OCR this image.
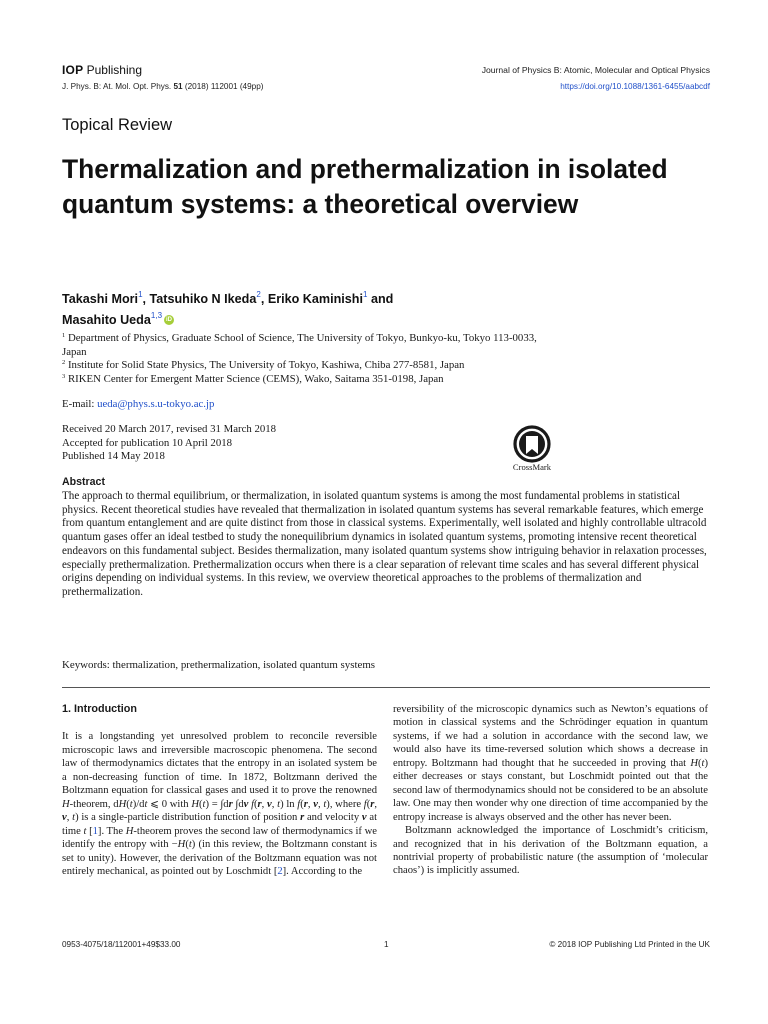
IOP Publishing	Journal of Physics B: Atomic, Molecular and Optical Physics
J. Phys. B: At. Mol. Opt. Phys. 51 (2018) 112001 (49pp)	https://doi.org/10.1088/1361-6455/aabcdf
Topical Review
Thermalization and prethermalization in isolated quantum systems: a theoretical overview
Takashi Mori$^1$, Tatsuhiko N Ikeda$^2$, Eriko Kaminishi$^1$ and
Masahito Ueda$^{1,3}$
iD

$^1$ Department of Physics, Graduate School of Science, The University of Tokyo, Bunkyo-ku, Tokyo 113-0033, Japan

$^2$ Institute for Solid State Physics, The University of Tokyo, Kashiwa, Chiba 277-8581, Japan

$^3$ RIKEN Center for Emergent Matter Science (CEMS), Wako, Saitama 351-0198, Japan

E-mail: ueda@phys.s.u-tokyo.ac.jp
Received 20 March 2017, revised 31 March 2018
Accepted for publication 10 April 2018
Published 14 May 2018
CrossMark
Abstract

The approach to thermal equilibrium, or thermalization, in isolated quantum systems is among the most fundamental problems in statistical physics. Recent theoretical studies have revealed that thermalization in isolated quantum systems has several remarkable features, which emerge from quantum entanglement and are quite distinct from those in classical systems. Experimentally, well isolated and highly controllable ultracold quantum gases offer an ideal testbed to study the nonequilibrium dynamics in isolated quantum systems, promoting intensive recent theoretical endeavors on this fundamental subject. Besides thermalization, many isolated quantum systems show intriguing behavior in relaxation processes, especially prethermalization. Prethermalization occurs when there is a clear separation of relevant time scales and has several different physical origins depending on individual systems. In this review, we overview theoretical approaches to the problems of thermalization and prethermalization.

Keywords: thermalization, prethermalization, isolated quantum systems

1. Introduction

It is a longstanding yet unresolved problem to reconcile reversible microscopic laws and irreversible macroscopic phenomena. The second law of thermodynamics dictates that the entropy in an isolated system be a non-decreasing function of time. In 1872, Boltzmann derived the Boltzmann equation for classical gases and used it to prove the renowned H-theorem, dH(t)/dt ⩽ 0 with H(t) = ∫dr ∫dv f(r, v, t) ln f(r, v, t), where f(r, v, t) is a single-particle distribution function of position r and velocity v at time t [1]. The H-theorem proves the second law of thermodynamics if we identify the entropy with −H(t) (in this review, the Boltzmann constant is set to unity). However, the derivation of the Boltzmann equation was not entirely mechanical, as pointed out by Loschmidt [2]. According to the

reversibility of the microscopic dynamics such as Newton’s equations of motion in classical systems and the Schrödinger equation in quantum systems, if we had a solution in accordance with the second law, we would also have its time-reversed solution which shows a decrease in entropy. Boltzmann had thought that he succeeded in proving that H(t) either decreases or stays constant, but Loschmidt pointed out that the second law of thermodynamics should not be considered to be an absolute law. One may then wonder why one direction of time accompanied by the entropy increase is always observed and the other has never been.

Boltzmann acknowledged the importance of Loschmidt’s criticism, and recognized that in his derivation of the Boltzmann equation, a nontrivial property of probabilistic nature (the assumption of ‘molecular chaos’) is implicitly assumed.

0953-4075/18/112001+49$33.00	1	© 2018 IOP Publishing Ltd Printed in the UK
